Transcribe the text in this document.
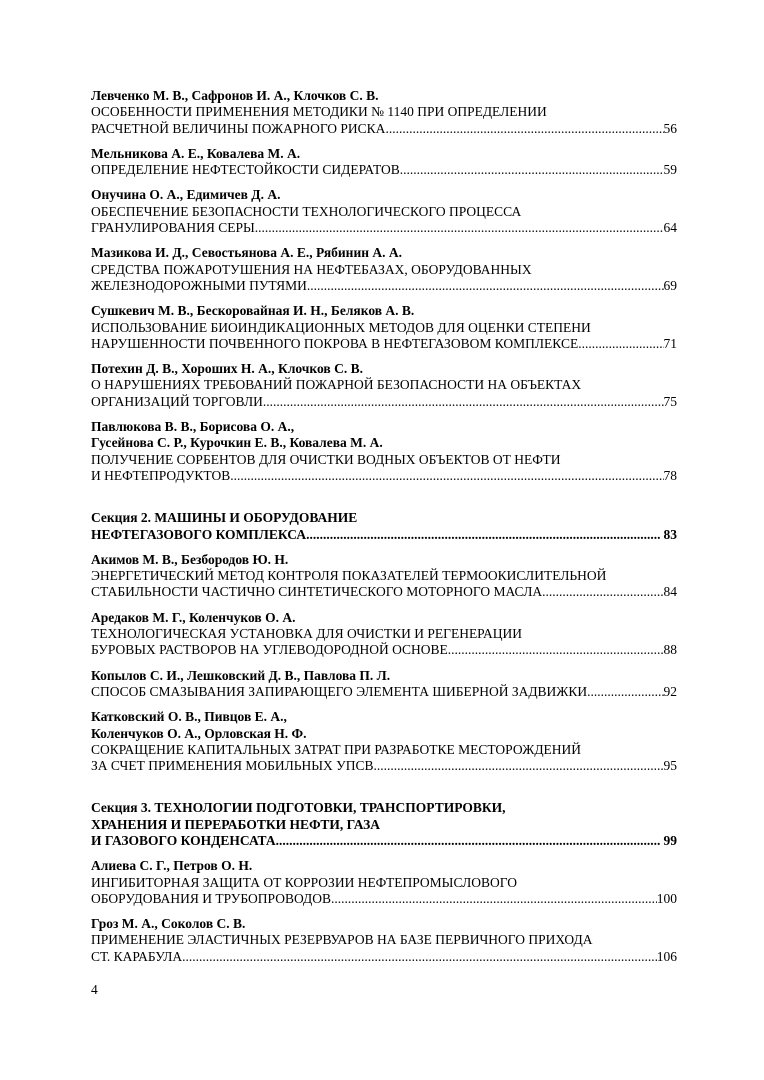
Левченко М. В., Сафронов И. А., Клочков С. В.
ОСОБЕННОСТИ ПРИМЕНЕНИЯ МЕТОДИКИ № 1140 ПРИ ОПРЕДЕЛЕНИИ
РАСЧЕТНОЙ ВЕЛИЧИНЫ ПОЖАРНОГО РИСКА .....	56
Мельникова А. Е., Ковалева М. А.
ОПРЕДЕЛЕНИЕ НЕФТЕСТОЙКОСТИ СИДЕРАТОВ .....	59
Онучина О. А., Едимичев Д. А.
ОБЕСПЕЧЕНИЕ БЕЗОПАСНОСТИ ТЕХНОЛОГИЧЕСКОГО ПРОЦЕССА
ГРАНУЛИРОВАНИЯ СЕРЫ .....	64
Мазикова И. Д., Севостьянова А. Е., Рябинин А. А.
СРЕДСТВА ПОЖАРОТУШЕНИЯ НА НЕФТЕБАЗАХ, ОБОРУДОВАННЫХ
ЖЕЛЕЗНОДОРОЖНЫМИ ПУТЯМИ .....	69
Сушкевич М. В., Бескоровайная И. Н., Беляков А. В.
ИСПОЛЬЗОВАНИЕ БИОИНДИКАЦИОННЫХ МЕТОДОВ ДЛЯ ОЦЕНКИ СТЕПЕНИ
НАРУШЕННОСТИ ПОЧВЕННОГО ПОКРОВА В НЕФТЕГАЗОВОМ КОМПЛЕКСЕ .....	71
Потехин Д. В., Хороших Н. А., Клочков С. В.
О НАРУШЕНИЯХ ТРЕБОВАНИЙ ПОЖАРНОЙ БЕЗОПАСНОСТИ НА ОБЪЕКТАХ
ОРГАНИЗАЦИЙ ТОРГОВЛИ .....	75
Павлюкова В. В., Борисова О. А.,
Гусейнова С. Р., Курочкин Е. В., Ковалева М. А.
ПОЛУЧЕНИЕ СОРБЕНТОВ ДЛЯ ОЧИСТКИ ВОДНЫХ ОБЪЕКТОВ ОТ НЕФТИ
И НЕФТЕПРОДУКТОВ .....	78
Секция 2. МАШИНЫ И ОБОРУДОВАНИЕ
НЕФТЕГАЗОВОГО КОМПЛЕКСА .....	83
Акимов М. В., Безбородов Ю. Н.
ЭНЕРГЕТИЧЕСКИЙ МЕТОД КОНТРОЛЯ ПОКАЗАТЕЛЕЙ ТЕРМООКИСЛИТЕЛЬНОЙ
СТАБИЛЬНОСТИ ЧАСТИЧНО СИНТЕТИЧЕСКОГО МОТОРНОГО МАСЛА .....	84
Аредаков М. Г., Коленчуков О. А.
ТЕХНОЛОГИЧЕСКАЯ УСТАНОВКА ДЛЯ ОЧИСТКИ И РЕГЕНЕРАЦИИ
БУРОВЫХ РАСТВОРОВ НА УГЛЕВОДОРОДНОЙ ОСНОВЕ .....	88
Копылов С. И., Лешковский Д. В., Павлова П. Л.
СПОСОБ СМАЗЫВАНИЯ ЗАПИРАЮЩЕГО ЭЛЕМЕНТА ШИБЕРНОЙ ЗАДВИЖКИ .....	92
Катковский О. В., Пивцов Е. А.,
Коленчуков О. А., Орловская Н. Ф.
СОКРАЩЕНИЕ КАПИТАЛЬНЫХ ЗАТРАТ ПРИ РАЗРАБОТКЕ МЕСТОРОЖДЕНИЙ
ЗА СЧЕТ ПРИМЕНЕНИЯ МОБИЛЬНЫХ УПСВ .....	95
Секция 3. ТЕХНОЛОГИИ ПОДГОТОВКИ, ТРАНСПОРТИРОВКИ,
ХРАНЕНИЯ И ПЕРЕРАБОТКИ НЕФТИ, ГАЗА
И ГАЗОВОГО КОНДЕНСАТА .....	99
Алиева С. Г., Петров О. Н.
ИНГИБИТОРНАЯ ЗАЩИТА ОТ КОРРОЗИИ НЕФТЕПРОМЫСЛОВОГО
ОБОРУДОВАНИЯ И ТРУБОПРОВОДОВ .....	100
Гроз М. А., Соколов С. В.
ПРИМЕНЕНИЕ ЭЛАСТИЧНЫХ РЕЗЕРВУАРОВ НА БАЗЕ ПЕРВИЧНОГО ПРИХОДА
СТ. КАРАБУЛА .....	106
4
